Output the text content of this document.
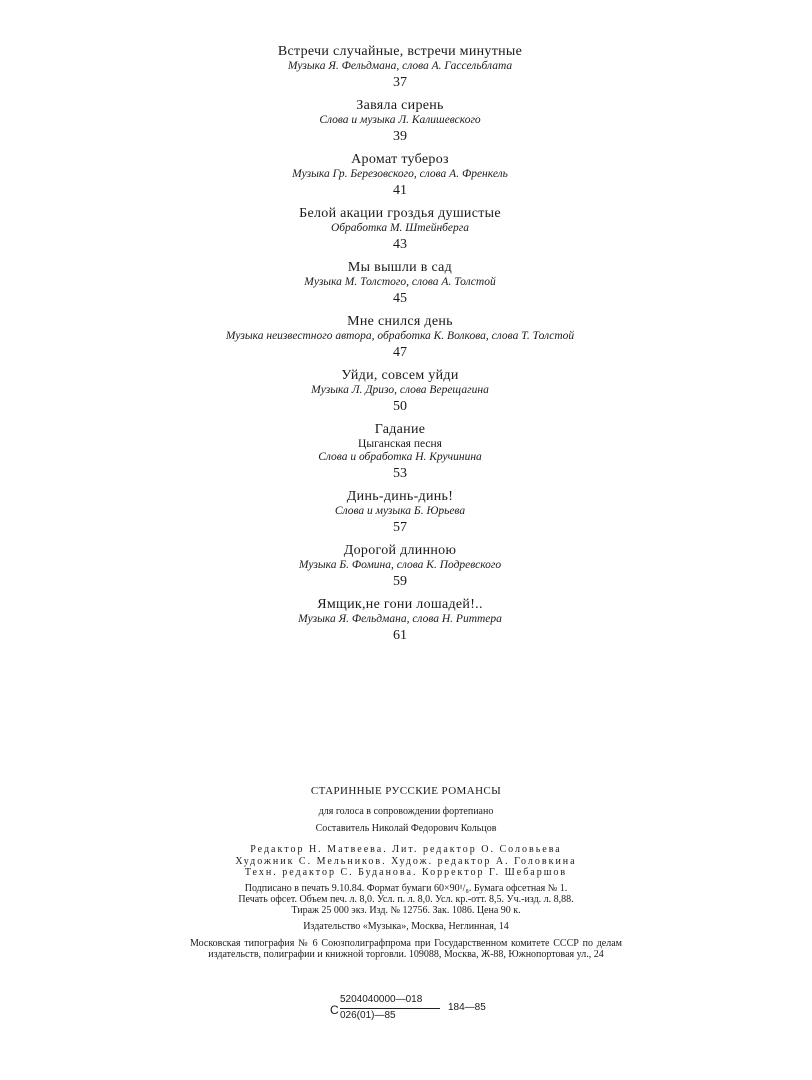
Встречи случайные, встречи минутные
Музыка Я. Фельдмана, слова А. Гассельблата
37
Завяла сирень
Слова и музыка Л. Калишевского
39
Аромат туберoз
Музыка Гр. Березовского, слова А. Френкель
41
Белой акации гроздья душистые
Обработка М. Штейнберга
43
Мы вышли в сад
Музыка М. Толстого, слова А. Толстой
45
Мне снился день
Музыка неизвестного автора, обработка К. Волкова, слова Т. Толстой
47
Уйди, совсем уйди
Музыка Л. Дризо, слова Верещагина
50
Гадание
Цыганская песня
Слова и обработка Н. Кручинина
53
Динь-динь-динь!
Слова и музыка Б. Юрьева
57
Дорогой длинною
Музыка Б. Фомина, слова К. Подревского
59
Ямщик,не гони лошадей!..
Музыка Я. Фельдмана, слова Н. Риттера
61
СТАРИННЫЕ РУССКИЕ РОМАНСЫ
для голоса в сопровождении фортепиано
Составитель Николай Федорович Кольцов
Редактор Н. Матвеева. Лит. редактор О. Соловьева
Художник С. Мельников. Худож. редактор А. Головкина
Техн. редактор С. Буданова. Корректор Г. Шебаршов
Подписано в печать 9.10.84. Формат бумаги 60×90¹/₈. Бумага офсетная № 1.
Печать офсет. Объем печ. л. 8,0. Усл. п. л. 8,0. Усл. кр.-отт. 8,5. Уч.-изд. л. 8,88.
Тираж 25 000 экз. Изд. № 12756. Зак. 1086. Цена 90 к.
Издательство «Музыка», Москва, Неглинная, 14
Московская типография № 6 Союзполиграфпрома при Государственном комитете СССР по делам издательств, полиграфии и книжной торговли. 109088, Москва, Ж-88, Южнопортовая ул., 24
С
5204040000—018
026(01)—85
184—85
